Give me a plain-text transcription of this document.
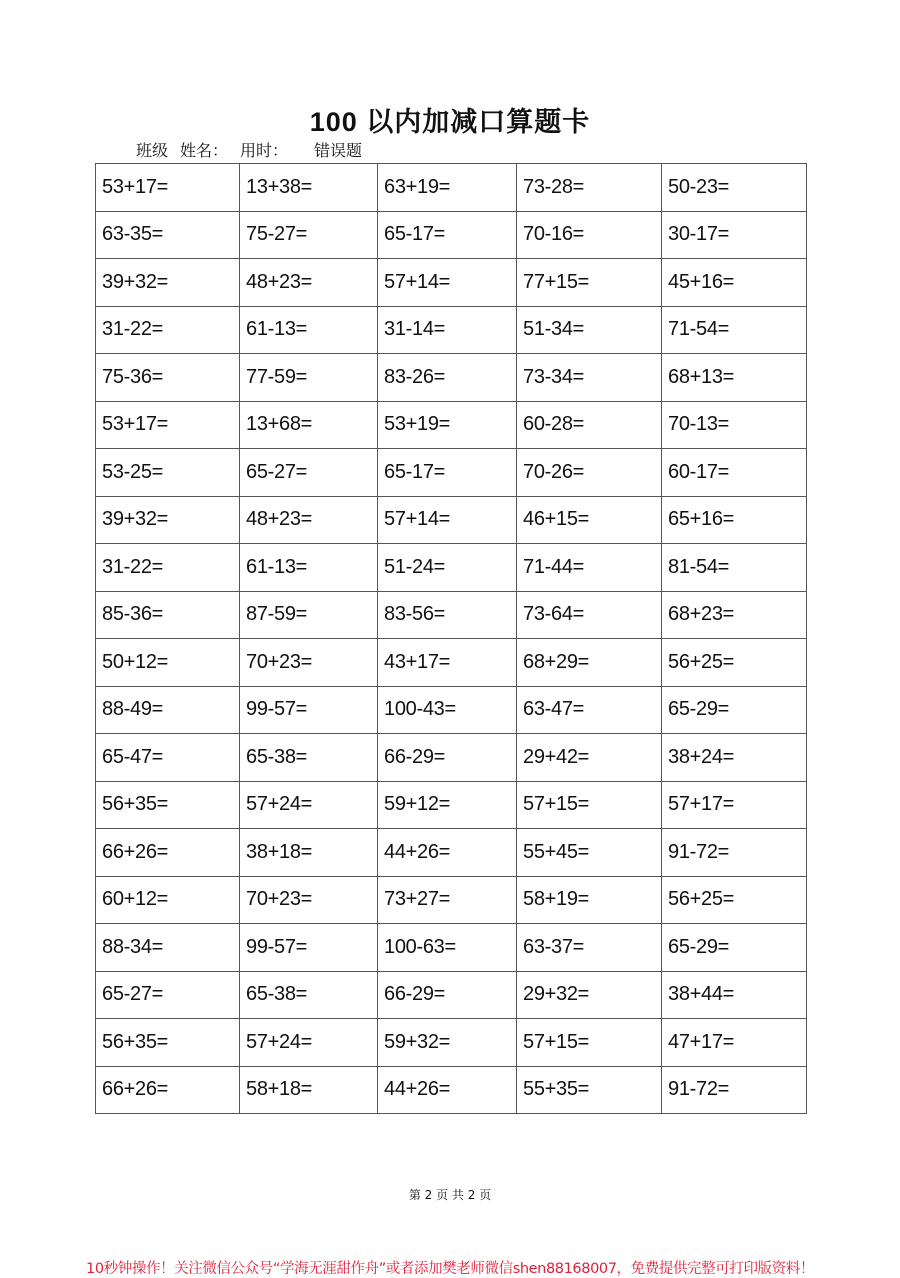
100 以内加减口算题卡
班级 姓名： 用时： 错误题
53+17=	13+38=	63+19=	73-28=	50-23=
63-35=	75-27=	65-17=	70-16=	30-17=
39+32=	48+23=	57+14=	77+15=	45+16=
31-22=	61-13=	31-14=	51-34=	71-54=
75-36=	77-59=	83-26=	73-34=	68+13=
53+17=	13+68=	53+19=	60-28=	70-13=
53-25=	65-27=	65-17=	70-26=	60-17=
39+32=	48+23=	57+14=	46+15=	65+16=
31-22=	61-13=	51-24=	71-44=	81-54=
85-36=	87-59=	83-56=	73-64=	68+23=
50+12=	70+23=	43+17=	68+29=	56+25=
88-49=	99-57=	100-43=	63-47=	65-29=
65-47=	65-38=	66-29=	29+42=	38+24=
56+35=	57+24=	59+12=	57+15=	57+17=
66+26=	38+18=	44+26=	55+45=	91-72=
60+12=	70+23=	73+27=	58+19=	56+25=
88-34=	99-57=	100-63=	63-37=	65-29=
65-27=	65-38=	66-29=	29+32=	38+44=
56+35=	57+24=	59+32=	57+15=	47+17=
66+26=	58+18=	44+26=	55+35=	91-72=
第 2 页 共 2 页
10秒钟操作！关注微信公众号“学海无涯甜作舟”或者添加樊老师微信shen88168007，免费提供完整可打印版资料！
